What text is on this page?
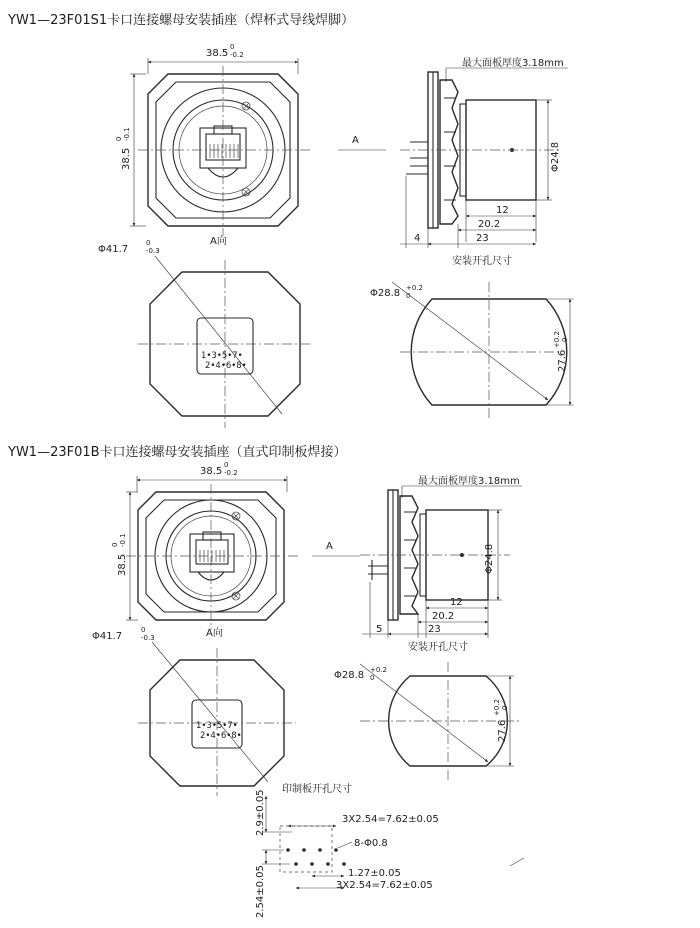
YW1—23F01S1卡口连接螺母安装插座（焊杯式导线焊脚）
38.5
0
-0.2
38.5
0 -0.1	A
最大面板厚度3.18mm
Φ24.8
12
20.2
23
4
安装开孔尺寸
A向
Φ41.7
0
-0.3
1•3•5•7•
2•4•6•8•
Φ28.8 +0.2
0
27.6
+0.2 0
YW1—23F01B卡口连接螺母安装插座（直式印制板焊接）
38.5
0
-0.2
38.5
0 -0.1	A
最大面板厚度3.18mm
Φ24.8
12
20.2
23
5
安装开孔尺寸
A向
Φ41.7
0
-0.3
1•3•5•7•
2•4•6•8•
Φ28.8 +0.2
0
27.6
+0.2 0
印制板开孔尺寸
2.9±0.05	3X2.54=7.62±0.05
8-Φ0.8
1.27±0.05
3X2.54=7.62±0.05
2.54±0.05
